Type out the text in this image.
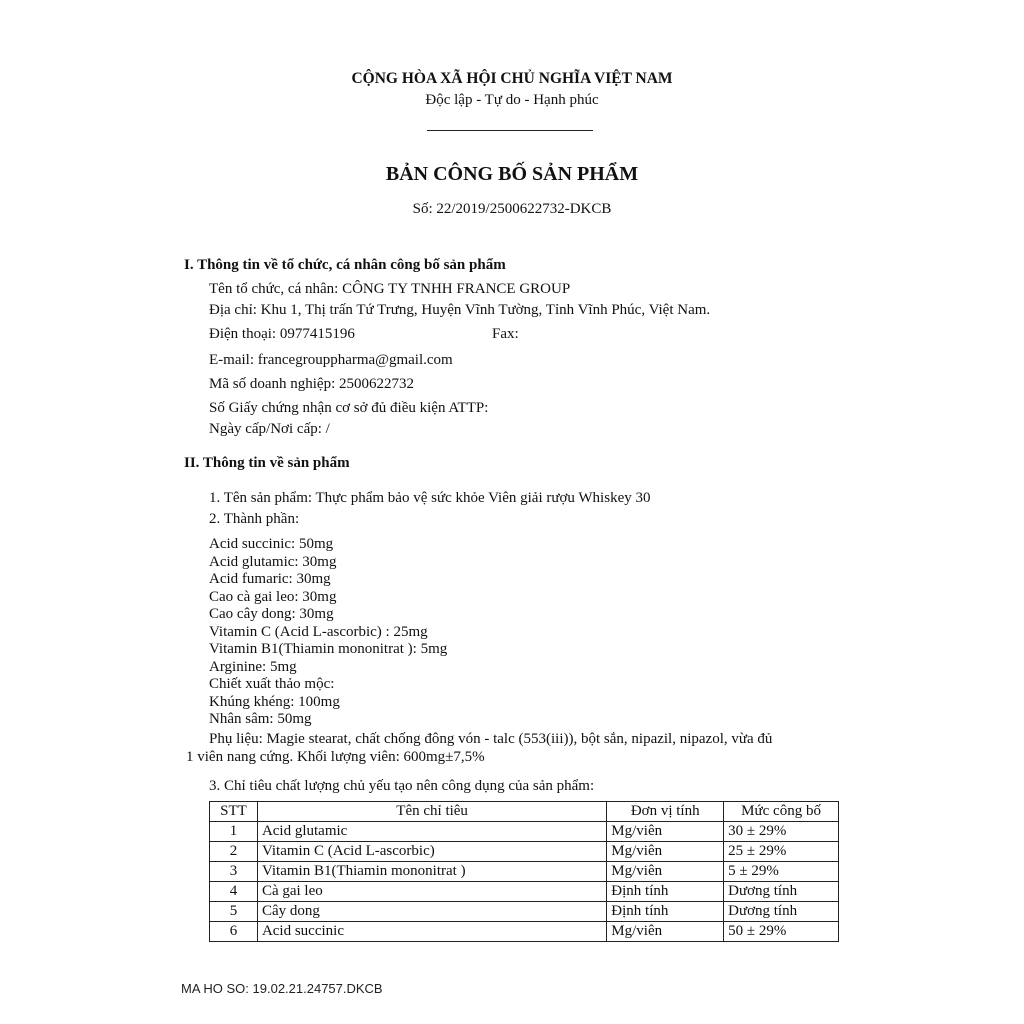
CỘNG HÒA XÃ HỘI CHỦ NGHĨA VIỆT NAM
Độc lập - Tự do - Hạnh phúc
BẢN CÔNG BỐ SẢN PHẨM
Số: 22/2019/2500622732-DKCB
I. Thông tin về tổ chức, cá nhân công bố sản phẩm
Tên tổ chức, cá nhân: CÔNG TY TNHH FRANCE GROUP
Địa chỉ: Khu 1, Thị trấn Tứ Trưng, Huyện Vĩnh Tường, Tỉnh Vĩnh Phúc, Việt Nam.
Điện thoại: 0977415196	Fax:
E-mail: francegrouppharma@gmail.com
Mã số doanh nghiệp: 2500622732
Số Giấy chứng nhận cơ sở đủ điều kiện ATTP:
Ngày cấp/Nơi cấp: /
II. Thông tin về sản phẩm
1. Tên sản phẩm: Thực phẩm bảo vệ sức khỏe Viên giải rượu Whiskey 30
2. Thành phần:
Acid succinic: 50mg
Acid glutamic: 30mg
Acid fumaric: 30mg
Cao cà gai leo: 30mg
Cao cây dong: 30mg
Vitamin C (Acid L-ascorbic) : 25mg
Vitamin B1(Thiamin mononitrat ): 5mg
Arginine: 5mg
Chiết xuất thảo mộc:
Khúng khéng: 100mg
Nhân sâm: 50mg
Phụ liệu: Magie stearat, chất chống đông vón - talc (553(iii)), bột sắn, nipazil, nipazol, vừa đủ
1 viên nang cứng. Khối lượng viên: 600mg±7,5%
3. Chỉ tiêu chất lượng chủ yếu tạo nên công dụng của sản phẩm:
STT	Tên chỉ tiêu	Đơn vị tính	Mức công bố
1	Acid glutamic	Mg/viên	30 ± 29%
2	Vitamin C (Acid L-ascorbic)	Mg/viên	25 ± 29%
3	Vitamin B1(Thiamin mononitrat )	Mg/viên	5 ± 29%
4	Cà gai leo	Định tính	Dương tính
5	Cây dong	Định tính	Dương tính
6	Acid succinic	Mg/viên	50 ± 29%
MA HO SO: 19.02.21.24757.DKCB
